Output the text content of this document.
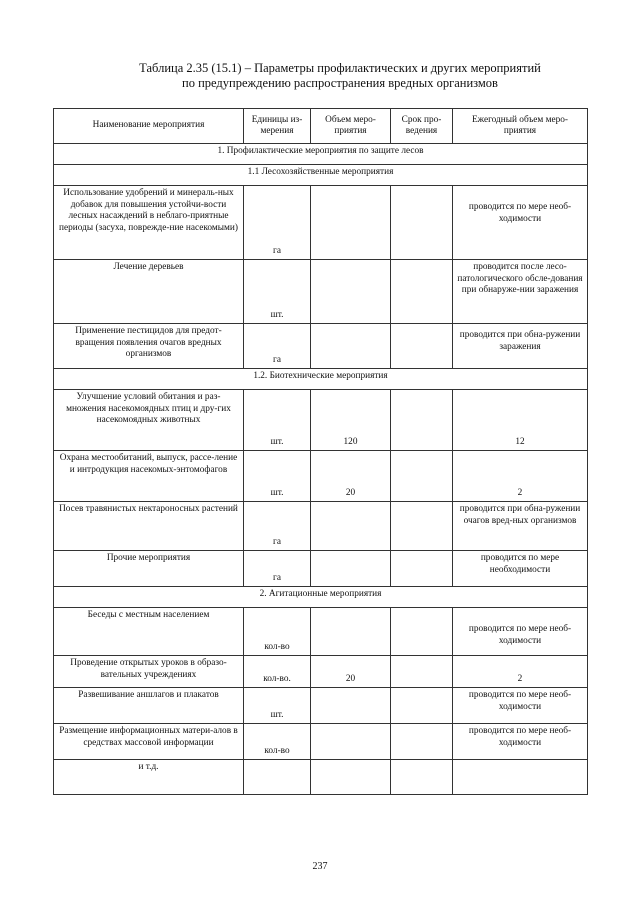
Таблица 2.35 (15.1) – Параметры профилактических и других мероприятий
по предупреждению распространения вредных организмов
Наименование мероприятия	Единицы из-мерения	Объем меро-приятия	Срок про-ведения	Ежегодный объем меро-приятия
1. Профилактические мероприятия по защите лесов				
1.1 Лесохозяйственные мероприятия				
Использование удобрений и минераль-ных добавок для повышения устойчи-вости лесных насаждений в неблаго-приятные периоды (засуха, повреждe-ние насекомыми)	га			проводится по мере необ-ходимости
Лечение деревьев	шт.			проводится после лесо-патологического обсле-дования при обнаруже-нии заражения
Применение пестицидов для предот-вращения появления очагов вредных организмов	га			проводится при обна-ружении заражения
1.2. Биотехнические мероприятия				
Улучшение условий обитания и раз-множения насекомоядных птиц и дру-гих насекомоядных животных	шт.	120		12
Охрана местообитаний, выпуск, рассе-ление и интродукция насекомых-энтомофагов	шт.	20		2
Посев травянистых нектароносных растений	га			проводится при обна-ружении очагов вред-ных организмов
Прочие мероприятия	га			проводится по мере необходимости
2. Агитационные мероприятия				
Беседы с местным населением	кол-во			проводится по мере необ-ходимости
Проведение открытых уроков в образо-вательных учреждениях	кол-во.	20		2
Развешивание аншлагов и плакатов	шт.			проводится по мере необ-ходимости
Размещение информационных матери-алов в средствах массовой информации	кол-во			проводится по мере необ-ходимости
и т.д.				
237
